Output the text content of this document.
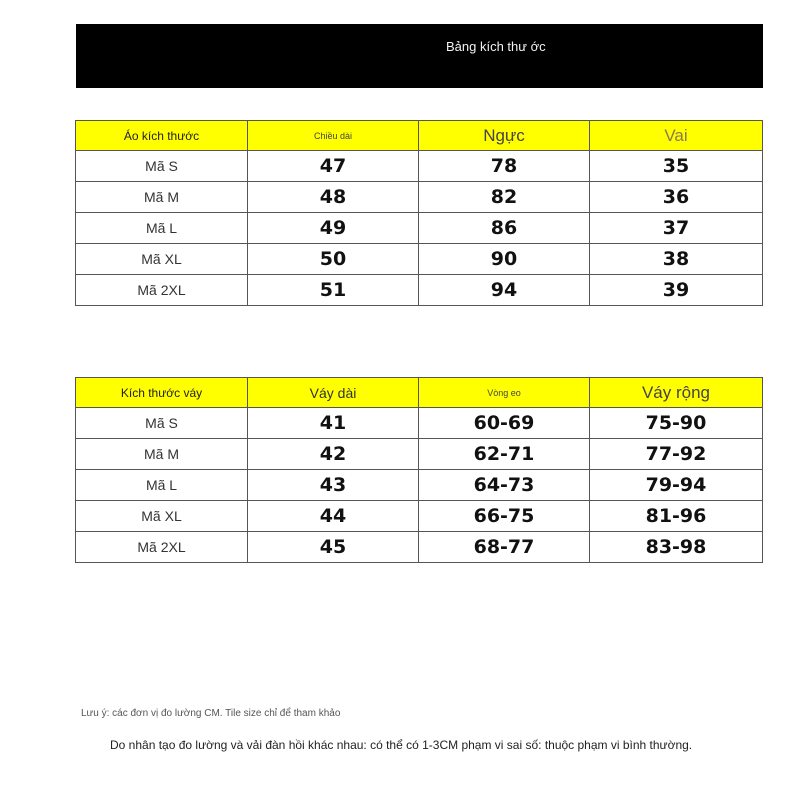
Bảng kích thư ớc
Áo kích thước	Chiều dài	Ngực	Vai
Mã S	47	78	35
Mã M	48	82	36
Mã L	49	86	37
Mã XL	50	90	38
Mã 2XL	51	94	39
Kích thước váy	Váy dài	Vòng eo	Váy rộng
Mã S	41	60-69	75-90
Mã M	42	62-71	77-92
Mã L	43	64-73	79-94
Mã XL	44	66-75	81-96
Mã 2XL	45	68-77	83-98
Lưu ý: các đơn vị đo lường CM. Tile size chỉ để tham khảo
Do nhân tạo đo lường và vải đàn hồi khác nhau: có thể có 1-3CM phạm vi sai số: thuộc phạm vi bình thường.
